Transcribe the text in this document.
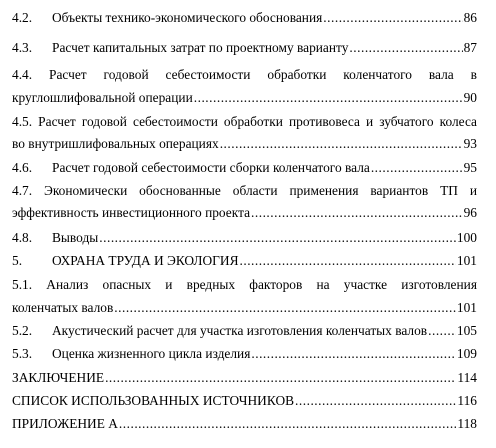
4.2.	Объекты технико-экономического обоснования .....	86
4.3.	Расчет капитальных затрат по проектному варианту .....	87
4.4. Расчет годовой себестоимости обработки коленчатого вала в
круглошлифовальной операции .....	90
4.5. Расчет годовой себестоимости обработки противовеса и зубчатого колеса
во внутришлифовальных операциях .....	93
4.6.	Расчет годовой себестоимости сборки коленчатого вала .....	95
4.7. Экономически обоснованные области применения вариантов ТП и
эффективность инвестиционного проекта .....	96
4.8.	Выводы .....	100
5.	ОХРАНА ТРУДА И ЭКОЛОГИЯ .....	101
5.1. Анализ опасных и вредных факторов на участке изготовления
коленчатых валов .....	101
5.2.	Акустический расчет для участка изготовления коленчатых валов ..... 105
5.3.	Оценка жизненного цикла изделия .....	109
ЗАКЛЮЧЕНИЕ .....	114
СПИСОК ИСПОЛЬЗОВАННЫХ ИСТОЧНИКОВ .....	116
ПРИЛОЖЕНИЕ А .....	118
